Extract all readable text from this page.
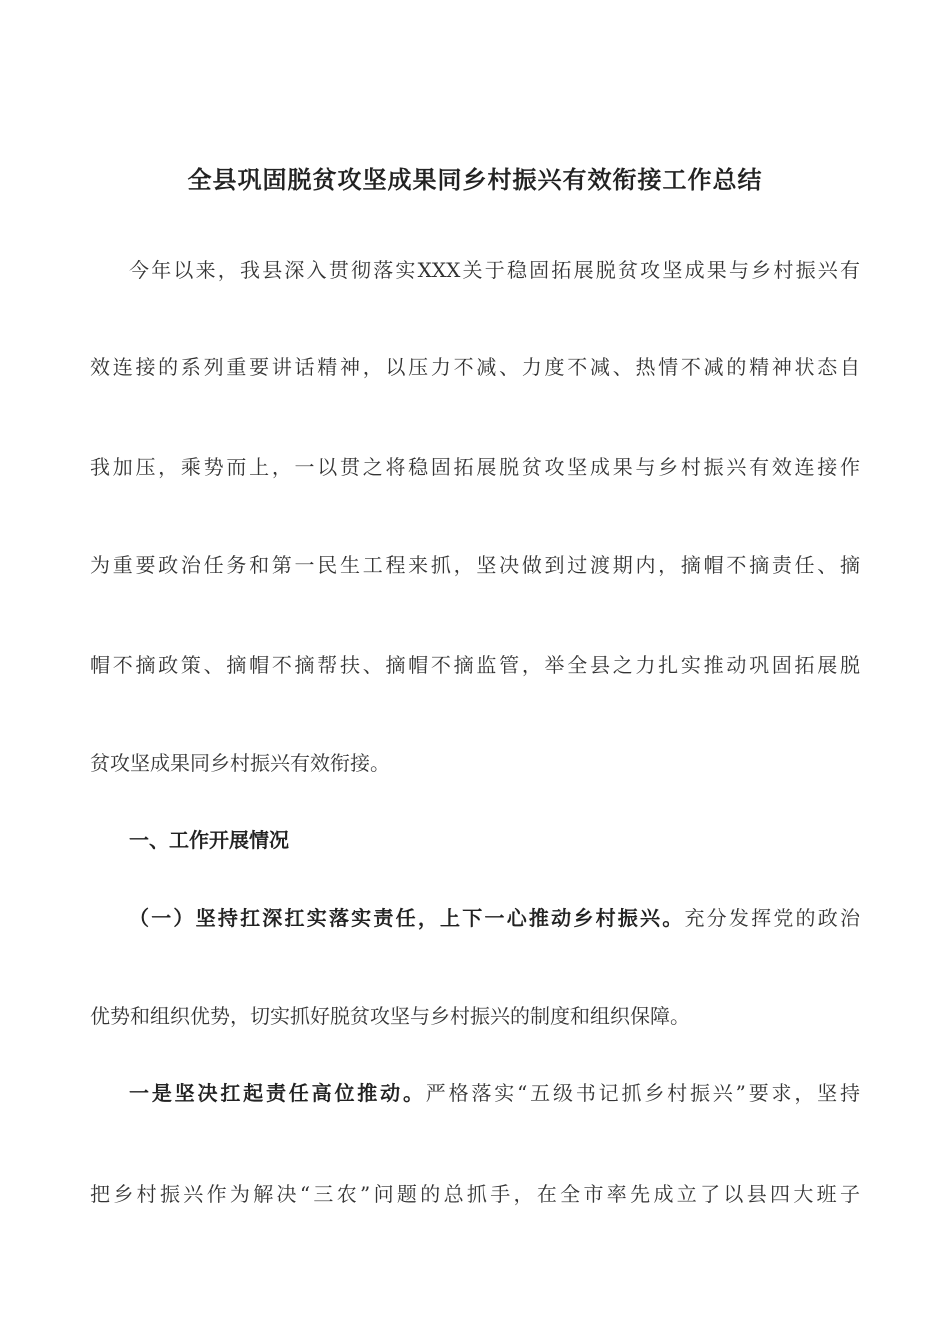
全县巩固脱贫攻坚成果同乡村振兴有效衔接工作总结
今年以来，我县深入贯彻落实XXX关于稳固拓展脱贫攻坚成果与乡村振兴有
效连接的系列重要讲话精神，以压力不减、力度不减、热情不减的精神状态自
我加压，乘势而上，一以贯之将稳固拓展脱贫攻坚成果与乡村振兴有效连接作
为重要政治任务和第一民生工程来抓，坚决做到过渡期内，摘帽不摘责任、摘
帽不摘政策、摘帽不摘帮扶、摘帽不摘监管，举全县之力扎实推动巩固拓展脱
贫攻坚成果同乡村振兴有效衔接。
一、工作开展情况
（一）坚持扛深扛实落实责任，上下一心推动乡村振兴。充分发挥党的政治
优势和组织优势，切实抓好脱贫攻坚与乡村振兴的制度和组织保障。
一是坚决扛起责任高位推动。严格落实“五级书记抓乡村振兴”要求，坚持
把乡村振兴作为解决“三农”问题的总抓手，在全市率先成立了以县四大班子
